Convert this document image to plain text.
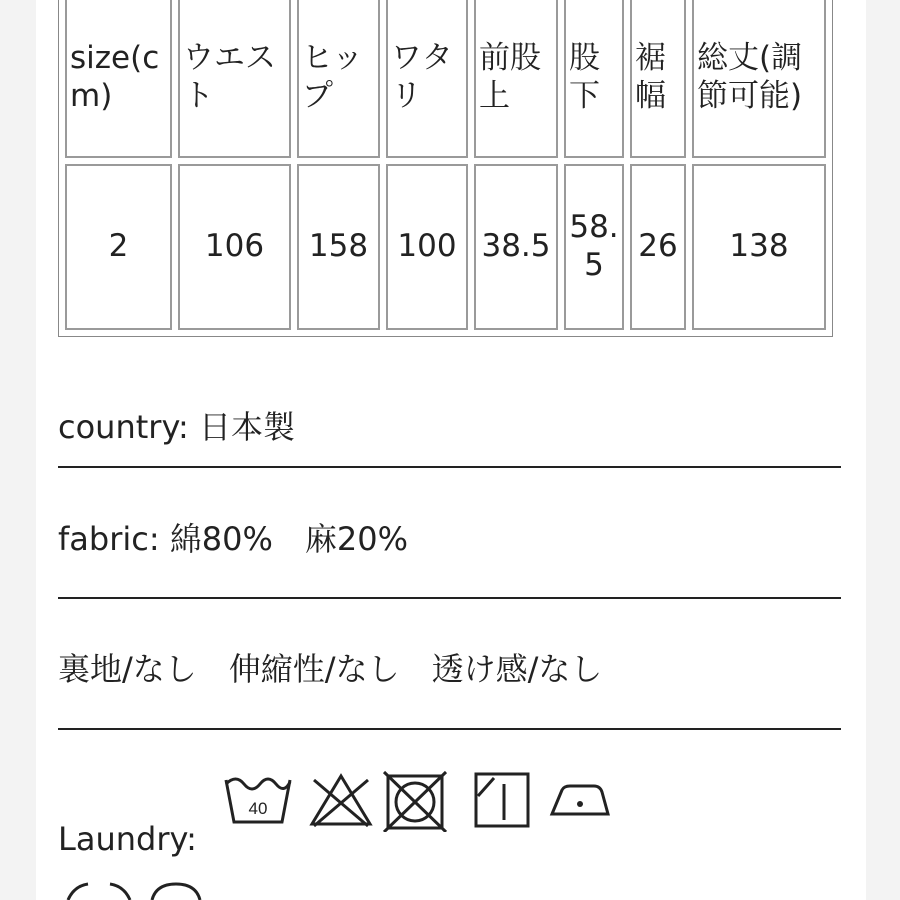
size(cm)	ウエスト	ヒップ	ワタリ	前股上	股下	裾幅	総丈(調節可能)
2	106	158	100	38.5	58.5	26	138
country: 日本製
fabric: 綿80%　麻20%
裏地/なし　伸縮性/なし　透け感/なし
Laundry:
40
